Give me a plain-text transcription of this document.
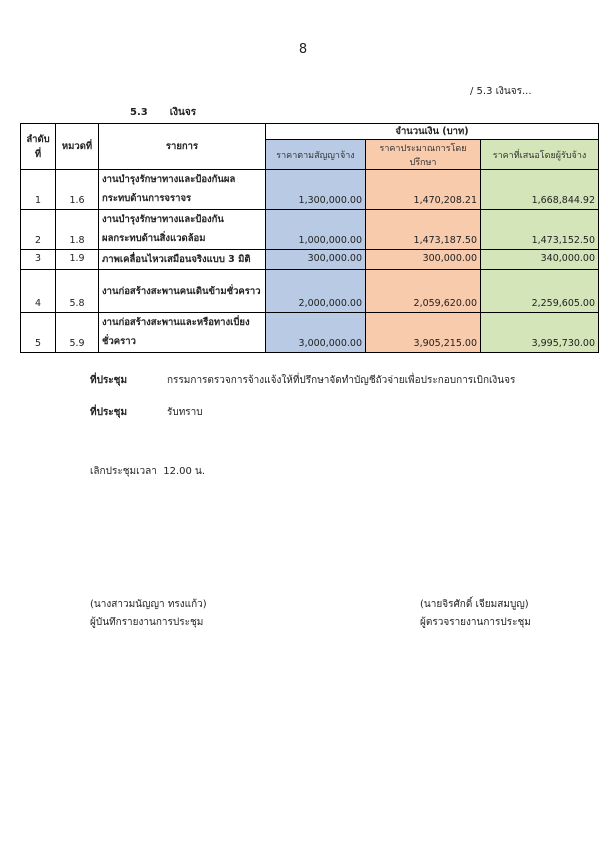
8
/ 5.3 เงินจร...
5.3 เงินจร
ลำดับที่	หมวดที่	รายการ	จำนวนเงิน (บาท)		
			ราคาตามสัญญาจ้าง	ราคาประมาณการโดยปรึกษา	ราคาที่เสนอโดยผู้รับจ้าง
1	1.6	งานบำรุงรักษาทางและป้องกันผล
กระทบด้านการจราจร	1,300,000.00	1,470,208.21	1,668,844.92
2	1.8	งานบำรุงรักษาทางและป้องกัน
ผลกระทบด้านสิ่งแวดล้อม	1,000,000.00	1,473,187.50	1,473,152.50
3	1.9	ภาพเคลื่อนไหวเสมือนจริงแบบ 3 มิติ	300,000.00	300,000.00	340,000.00
4	5.8	งานก่อสร้างสะพานคนเดินข้ามชั่วคราว	2,000,000.00	2,059,620.00	2,259,605.00
5	5.9	งานก่อสร้างสะพานและหรือทางเบี่ยง
ชั่วคราว	3,000,000.00	3,905,215.00	3,995,730.00
ที่ประชุม	กรรมการตรวจการจ้างแจ้งให้ที่ปรึกษาจัดทำบัญชีถัวจ่ายเพื่อประกอบการเบิกเงินจร
ที่ประชุม	รับทราบ
เลิกประชุมเวลา 12.00 น.
(นางสาวมนัญญา ทรงแก้ว)
ผู้บันทึกรายงานการประชุม
(นายจิรศักดิ์ เจียมสมบูญ)
ผู้ตรวจรายงานการประชุม
